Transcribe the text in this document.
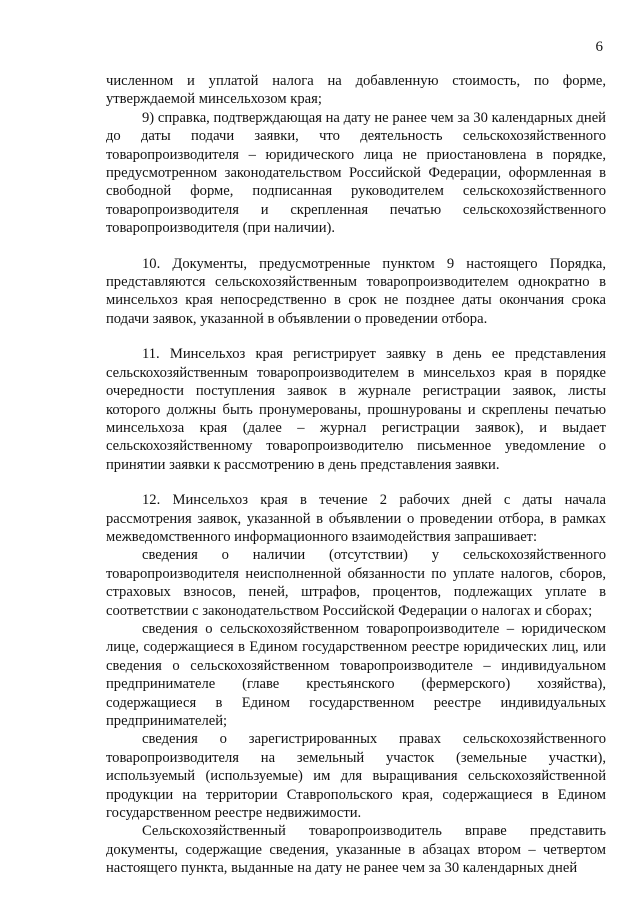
6

численном и уплатой налога на добавленную стоимость, по форме, утверждаемой минсельхозом края;

9) справка, подтверждающая на дату не ранее чем за 30 календарных дней до даты подачи заявки, что деятельность сельскохозяйственного товаропроизводителя – юридического лица не приостановлена в порядке, предусмотренном законодательством Российской Федерации, оформленная в свободной форме, подписанная руководителем сельскохозяйственного товаропроизводителя и скрепленная печатью сельскохозяйственного товаропроизводителя (при наличии).

10. Документы, предусмотренные пунктом 9 настоящего Порядка, представляются сельскохозяйственным товаропроизводителем однократно в минсельхоз края непосредственно в срок не позднее даты окончания срока подачи заявок, указанной в объявлении о проведении отбора.

11. Минсельхоз края регистрирует заявку в день ее представления сельскохозяйственным товаропроизводителем в минсельхоз края в порядке очередности поступления заявок в журнале регистрации заявок, листы которого должны быть пронумерованы, прошнурованы и скреплены печатью минсельхоза края (далее – журнал регистрации заявок), и выдает сельскохозяйственному товаропроизводителю письменное уведомление о принятии заявки к рассмотрению в день представления заявки.

12. Минсельхоз края в течение 2 рабочих дней с даты начала рассмотрения заявок, указанной в объявлении о проведении отбора, в рамках межведомственного информационного взаимодействия запрашивает:

сведения о наличии (отсутствии) у сельскохозяйственного товаропроизводителя неисполненной обязанности по уплате налогов, сборов, страховых взносов, пеней, штрафов, процентов, подлежащих уплате в соответствии с законодательством Российской Федерации о налогах и сборах;

сведения о сельскохозяйственном товаропроизводителе – юридическом лице, содержащиеся в Едином государственном реестре юридических лиц, или сведения о сельскохозяйственном товаропроизводителе – индивидуальном предпринимателе (главе крестьянского (фермерского) хозяйства), содержащиеся в Едином государственном реестре индивидуальных предпринимателей;

сведения о зарегистрированных правах сельскохозяйственного товаропроизводителя на земельный участок (земельные участки), используемый (используемые) им для выращивания сельскохозяйственной продукции на территории Ставропольского края, содержащиеся в Едином государственном реестре недвижимости.

Сельскохозяйственный товаропроизводитель вправе представить документы, содержащие сведения, указанные в абзацах втором – четвертом настоящего пункта, выданные на дату не ранее чем за 30 календарных дней
